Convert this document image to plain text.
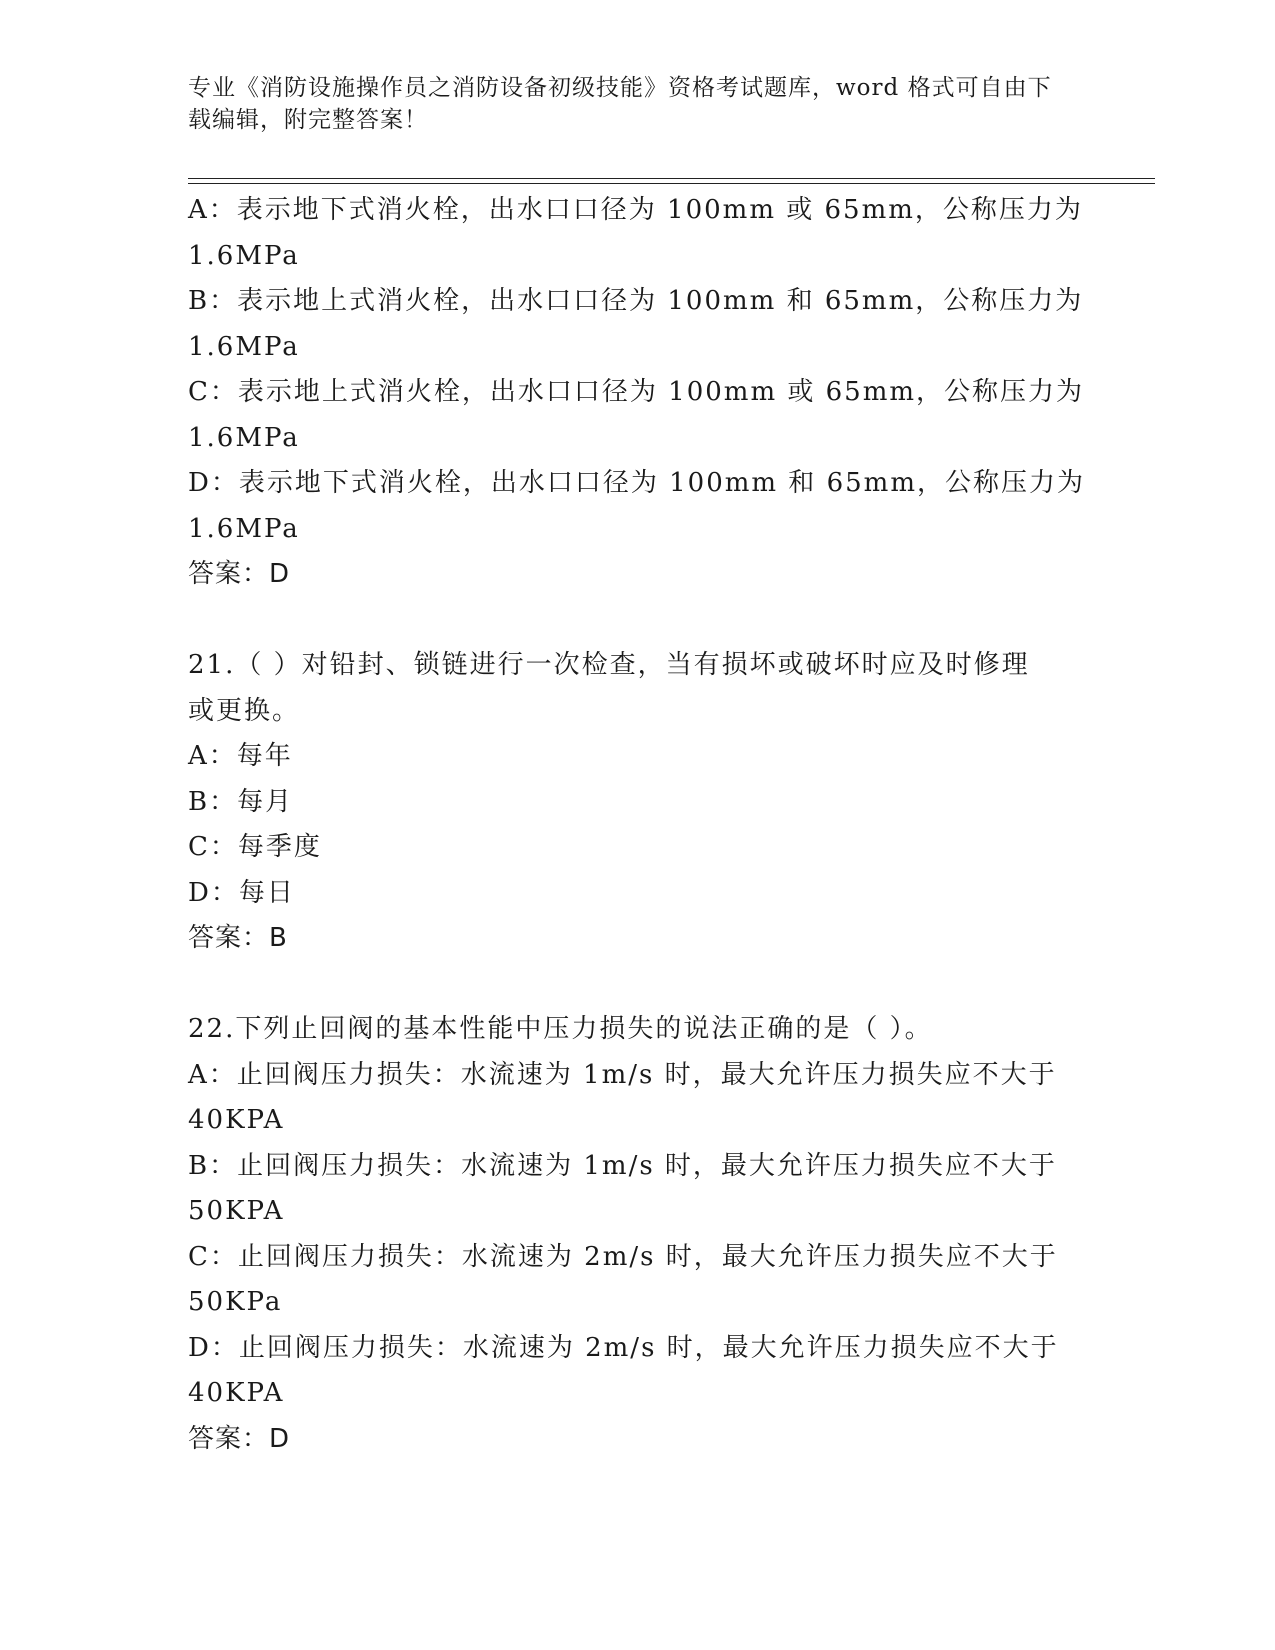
专业《消防设施操作员之消防设备初级技能》资格考试题库，word 格式可自由下
载编辑，附完整答案！
A：表示地下式消火栓，出水口口径为 100mm 或 65mm，公称压力为
1.6MPa
B：表示地上式消火栓，出水口口径为 100mm 和 65mm，公称压力为
1.6MPa
C：表示地上式消火栓，出水口口径为 100mm 或 65mm，公称压力为
1.6MPa
D：表示地下式消火栓，出水口口径为 100mm 和 65mm，公称压力为
1.6MPa
答案：D
21.（ ）对铅封、锁链进行一次检查，当有损坏或破坏时应及时修理
或更换。
A：每年
B：每月
C：每季度
D：每日
答案：B
22.下列止回阀的基本性能中压力损失的说法正确的是（ ）。
A：止回阀压力损失：水流速为 1m/s 时，最大允许压力损失应不大于
40KPA
B：止回阀压力损失：水流速为 1m/s 时，最大允许压力损失应不大于
50KPA
C：止回阀压力损失：水流速为 2m/s 时，最大允许压力损失应不大于
50KPa
D：止回阀压力损失：水流速为 2m/s 时，最大允许压力损失应不大于
40KPA
答案：D
